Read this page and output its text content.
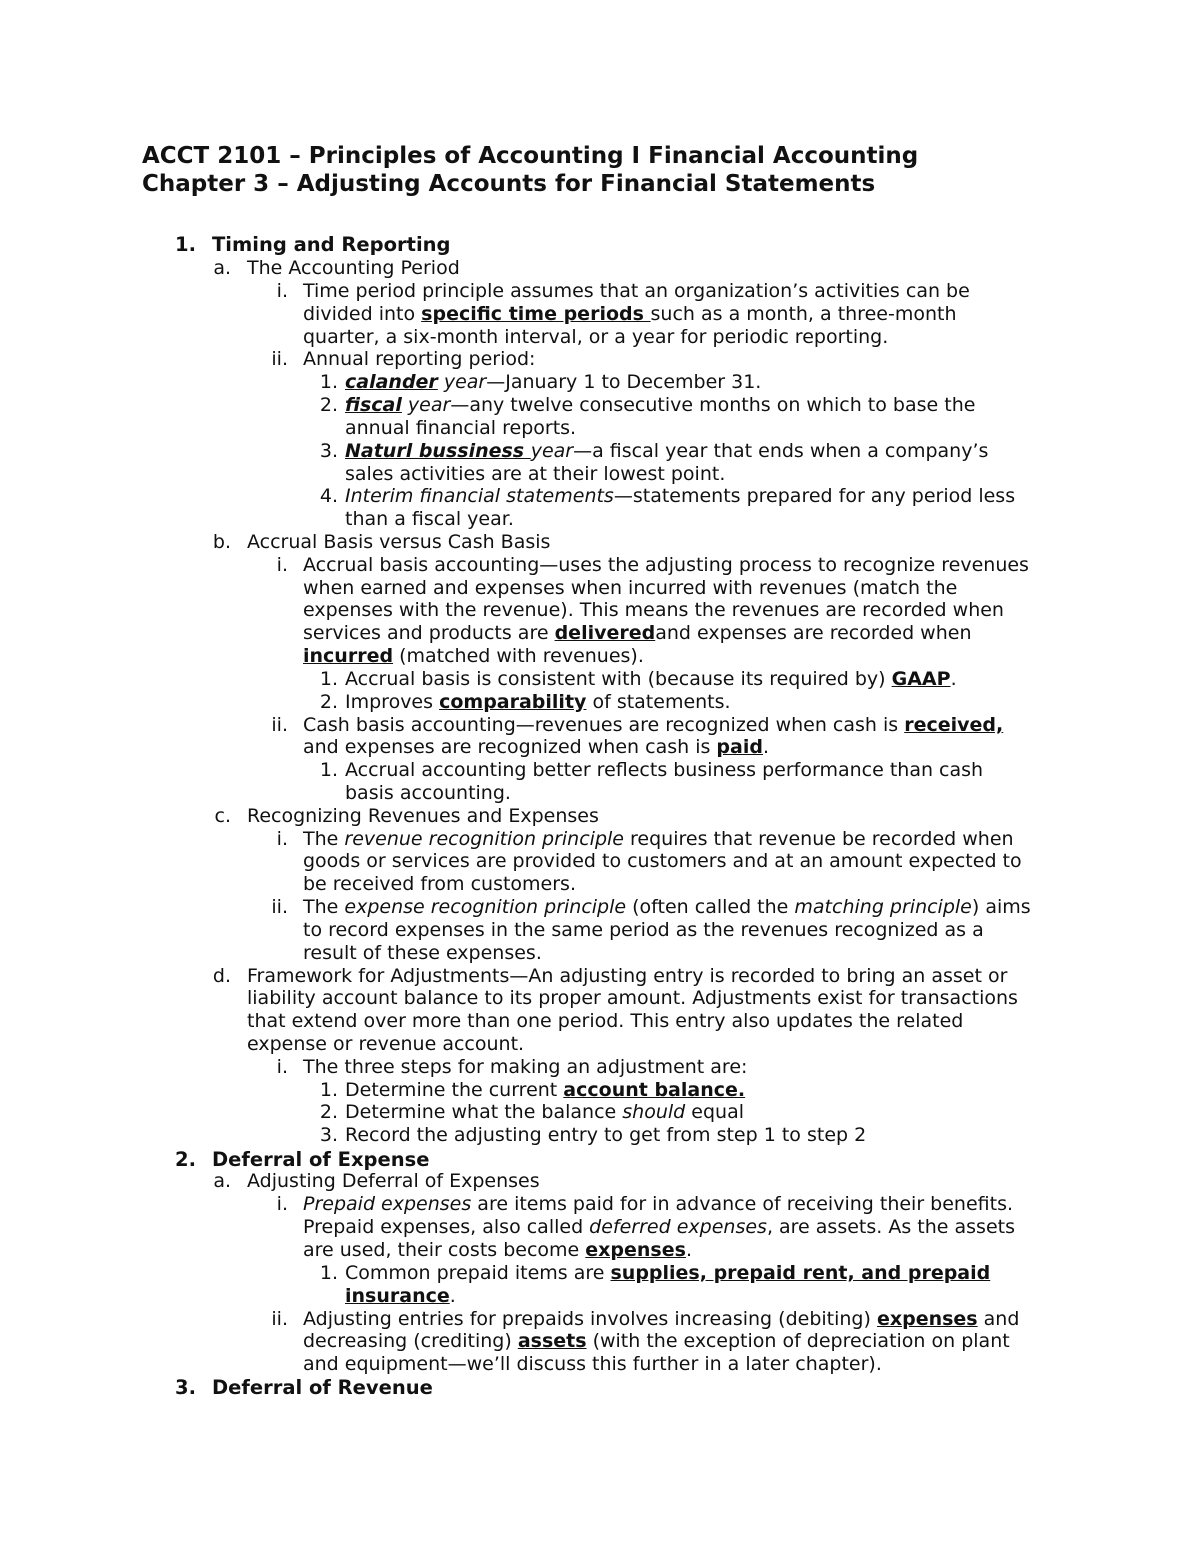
ACCT 2101 – Principles of Accounting I Financial Accounting
Chapter 3 – Adjusting Accounts for Financial Statements
1. Timing and Reporting
a. The Accounting Period
i. Time period principle assumes that an organization’s activities can be
divided into specific time periods such as a month, a three-month
quarter, a six-month interval, or a year for periodic reporting.
ii. Annual reporting period:
1. calander year—January 1 to December 31.
2. fiscal year—any twelve consecutive months on which to base the
annual financial reports.
3. Naturl bussiness year—a fiscal year that ends when a company’s
sales activities are at their lowest point.
4. Interim financial statements—statements prepared for any period less
than a fiscal year.
b. Accrual Basis versus Cash Basis
i. Accrual basis accounting—uses the adjusting process to recognize revenues
when earned and expenses when incurred with revenues (match the
expenses with the revenue). This means the revenues are recorded when
services and products are deliveredand expenses are recorded when
incurred (matched with revenues).
1. Accrual basis is consistent with (because its required by) GAAP.
2. Improves comparability of statements.
ii. Cash basis accounting—revenues are recognized when cash is received,
and expenses are recognized when cash is paid.
1. Accrual accounting better reflects business performance than cash
basis accounting.
c. Recognizing Revenues and Expenses
i. The revenue recognition principle requires that revenue be recorded when
goods or services are provided to customers and at an amount expected to
be received from customers.
ii. The expense recognition principle (often called the matching principle) aims
to record expenses in the same period as the revenues recognized as a
result of these expenses.
d. Framework for Adjustments—An adjusting entry is recorded to bring an asset or
liability account balance to its proper amount. Adjustments exist for transactions
that extend over more than one period. This entry also updates the related
expense or revenue account.
i. The three steps for making an adjustment are:
1. Determine the current account balance.
2. Determine what the balance should equal
3. Record the adjusting entry to get from step 1 to step 2
2. Deferral of Expense
a. Adjusting Deferral of Expenses
i. Prepaid expenses are items paid for in advance of receiving their benefits.
Prepaid expenses, also called deferred expenses, are assets. As the assets
are used, their costs become expenses.
1. Common prepaid items are supplies, prepaid rent, and prepaid
insurance.
ii. Adjusting entries for prepaids involves increasing (debiting) expenses and
decreasing (crediting) assets (with the exception of depreciation on plant
and equipment—we’ll discuss this further in a later chapter).
3. Deferral of Revenue
